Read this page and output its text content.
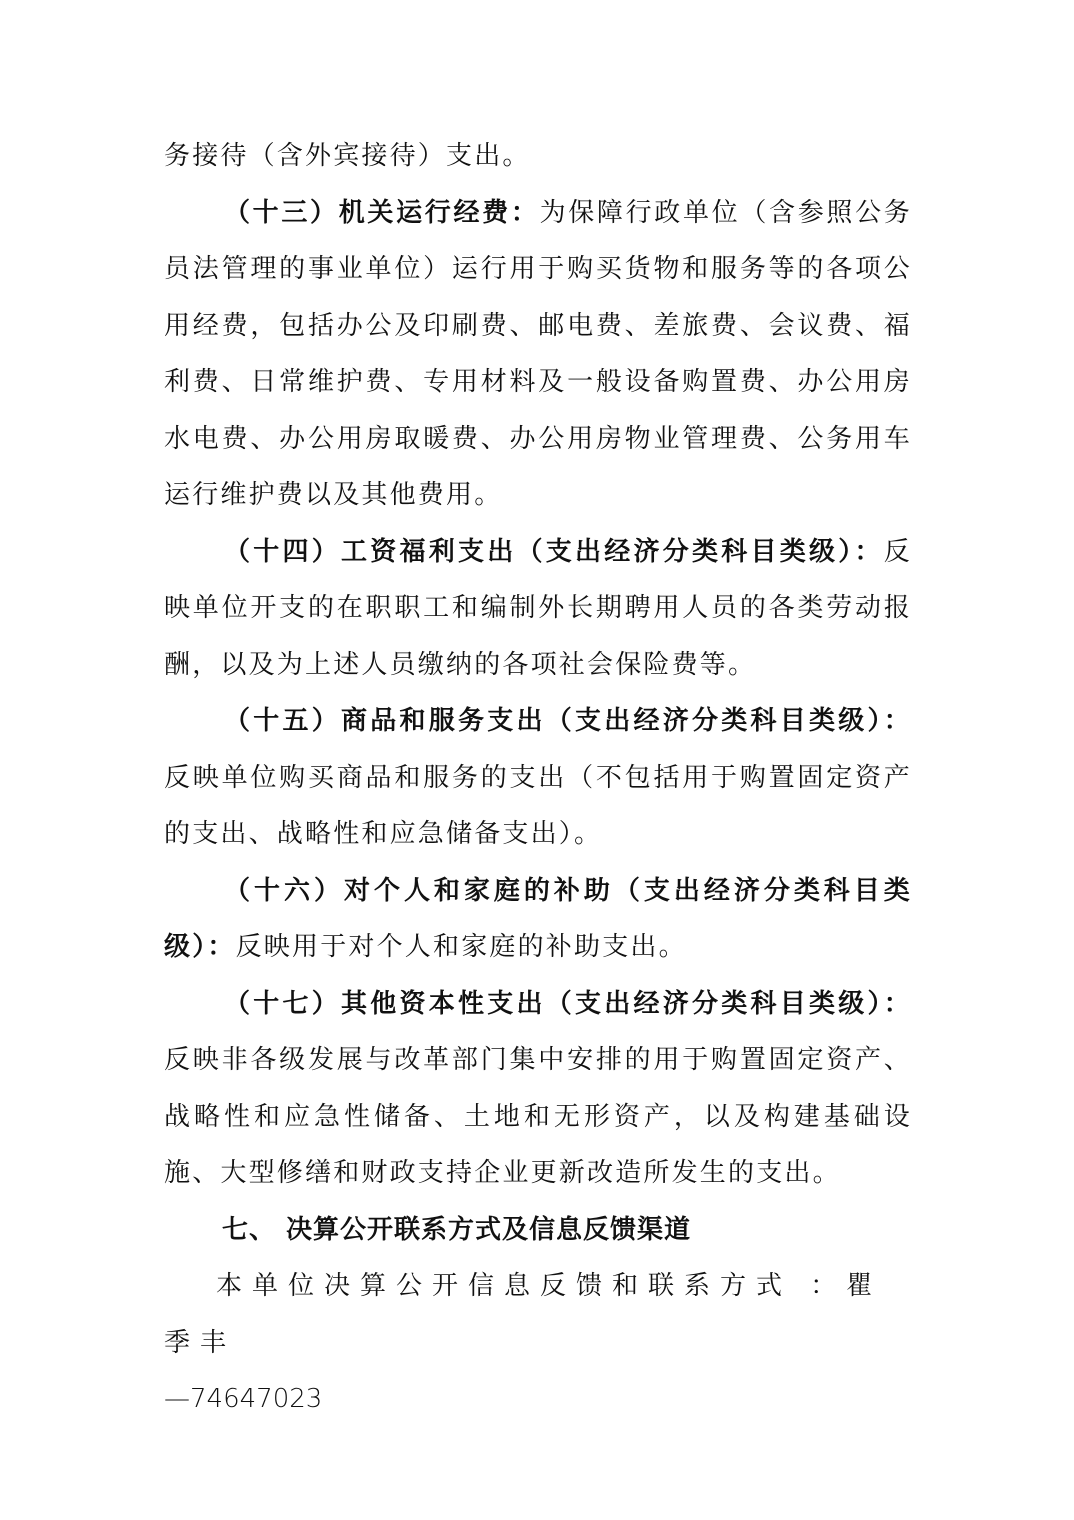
务接待（含外宾接待）支出。

（十三）机关运行经费：为保障行政单位（含参照公务员法管理的事业单位）运行用于购买货物和服务等的各项公用经费，包括办公及印刷费、邮电费、差旅费、会议费、福利费、日常维护费、专用材料及一般设备购置费、办公用房水电费、办公用房取暖费、办公用房物业管理费、公务用车运行维护费以及其他费用。

（十四）工资福利支出（支出经济分类科目类级）：反映单位开支的在职职工和编制外长期聘用人员的各类劳动报酬，以及为上述人员缴纳的各项社会保险费等。

（十五）商品和服务支出（支出经济分类科目类级）：反映单位购买商品和服务的支出（不包括用于购置固定资产的支出、战略性和应急储备支出）。

（十六）对个人和家庭的补助（支出经济分类科目类级）：反映用于对个人和家庭的补助支出。

（十七）其他资本性支出（支出经济分类科目类级）：反映非各级发展与改革部门集中安排的用于购置固定资产、战略性和应急性储备、土地和无形资产，以及构建基础设施、大型修缮和财政支持企业更新改造所发生的支出。

七、 决算公开联系方式及信息反馈渠道

本单位决算公开信息反馈和联系方式 ：瞿季丰

—74647023
